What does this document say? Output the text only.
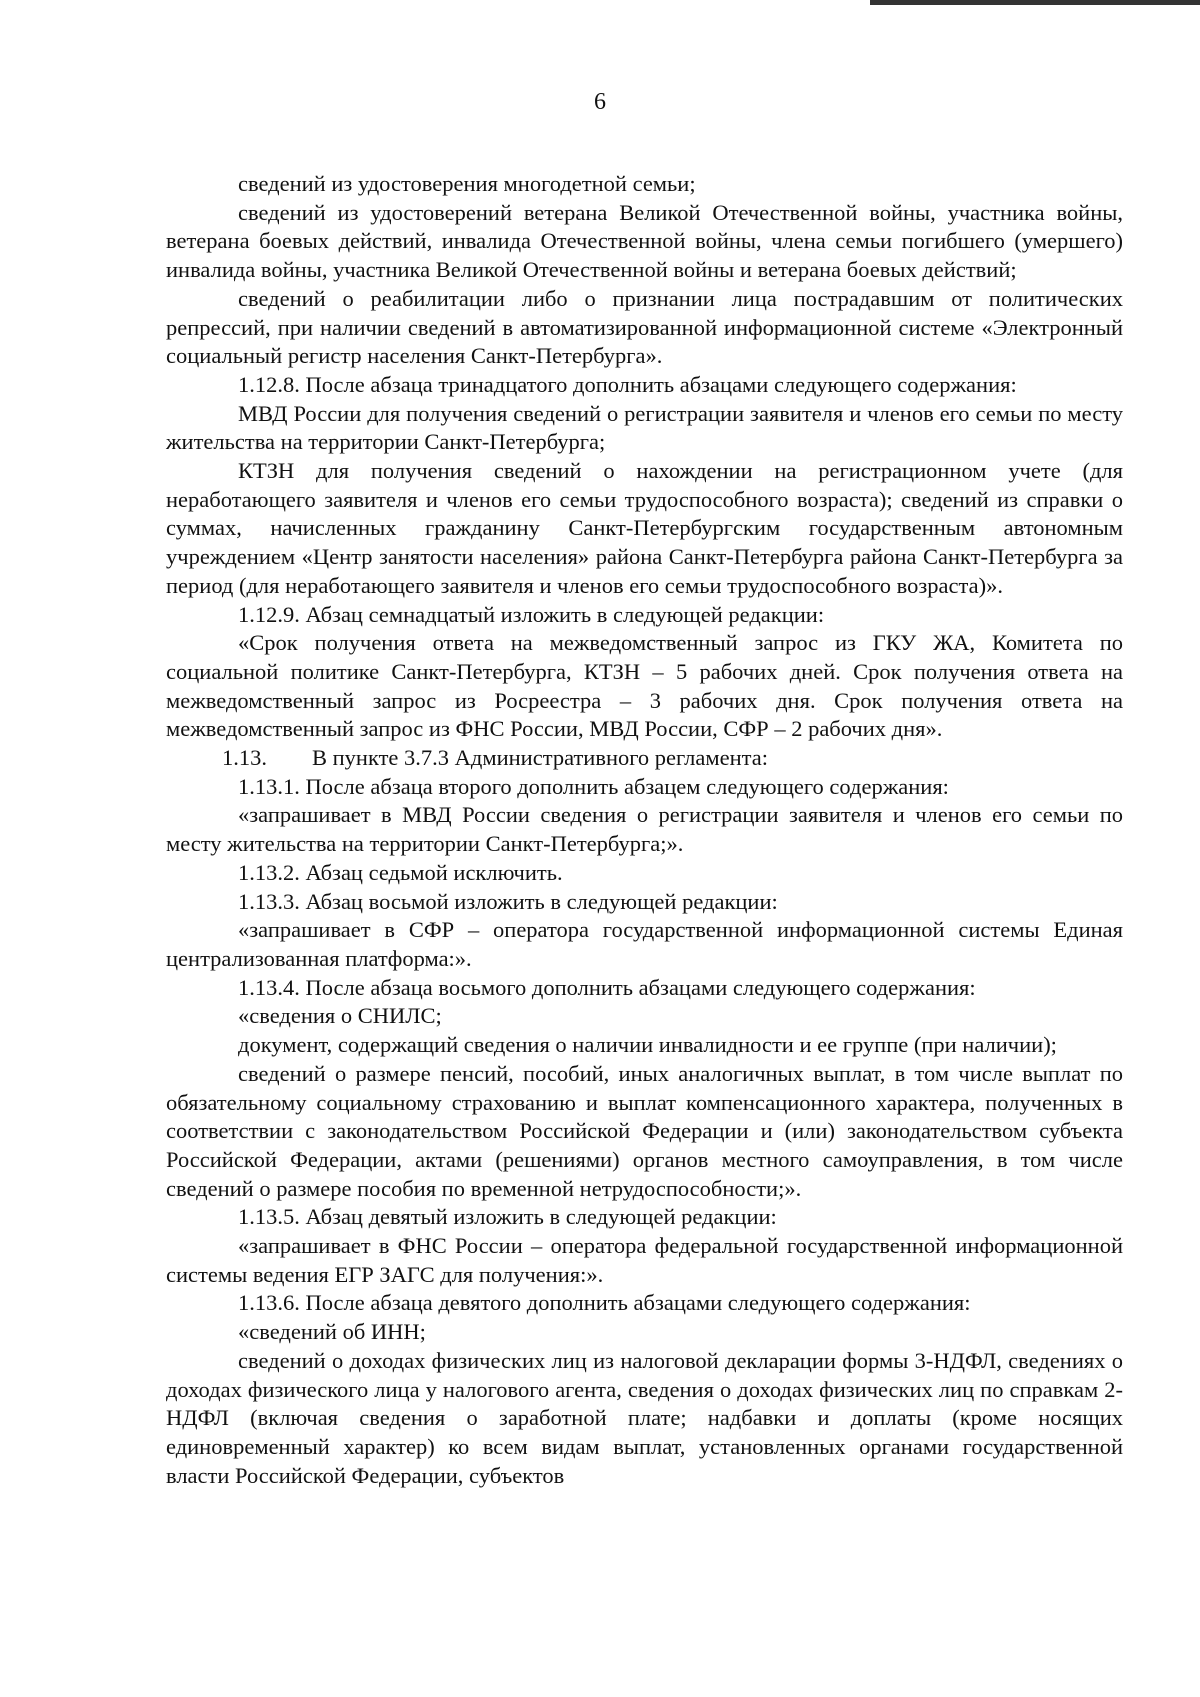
6

сведений из удостоверения многодетной семьи;

сведений из удостоверений ветерана Великой Отечественной войны, участника войны, ветерана боевых действий, инвалида Отечественной войны, члена семьи погибшего (умершего) инвалида войны, участника Великой Отечественной войны и ветерана боевых действий;

сведений о реабилитации либо о признании лица пострадавшим от политических репрессий, при наличии сведений в автоматизированной информационной системе «Электронный социальный регистр населения Санкт-Петербурга».

1.12.8. После абзаца тринадцатого дополнить абзацами следующего содержания:

МВД России для получения сведений о регистрации заявителя и членов его семьи по месту жительства на территории Санкт-Петербурга;

КТЗН для получения сведений о нахождении на регистрационном учете (для неработающего заявителя и членов его семьи трудоспособного возраста); сведений из справки о суммах, начисленных гражданину Санкт-Петербургским государственным автономным учреждением «Центр занятости населения» района Санкт-Петербурга района Санкт-Петербурга за период (для неработающего заявителя и членов его семьи трудоспособного возраста)».

1.12.9. Абзац семнадцатый изложить в следующей редакции:

«Срок получения ответа на межведомственный запрос из ГКУ ЖА, Комитета по социальной политике Санкт-Петербурга, КТЗН – 5 рабочих дней. Срок получения ответа на межведомственный запрос из Росреестра – 3 рабочих дня. Срок получения ответа на межведомственный запрос из ФНС России, МВД России, СФР – 2 рабочих дня».

1.13. В пункте 3.7.3 Административного регламента:

1.13.1. После абзаца второго дополнить абзацем следующего содержания:

«запрашивает в МВД России сведения о регистрации заявителя и членов его семьи по месту жительства на территории Санкт-Петербурга;».

1.13.2. Абзац седьмой исключить.

1.13.3. Абзац восьмой изложить в следующей редакции:

«запрашивает в СФР – оператора государственной информационной системы Единая централизованная платформа:».

1.13.4. После абзаца восьмого дополнить абзацами следующего содержания:

«сведения о СНИЛС;

документ, содержащий сведения о наличии инвалидности и ее группе (при наличии);

сведений о размере пенсий, пособий, иных аналогичных выплат, в том числе выплат по обязательному социальному страхованию и выплат компенсационного характера, полученных в соответствии с законодательством Российской Федерации и (или) законодательством субъекта Российской Федерации, актами (решениями) органов местного самоуправления, в том числе сведений о размере пособия по временной нетрудоспособности;».

1.13.5. Абзац девятый изложить в следующей редакции:

«запрашивает в ФНС России – оператора федеральной государственной информационной системы ведения ЕГР ЗАГС для получения:».

1.13.6. После абзаца девятого дополнить абзацами следующего содержания:

«сведений об ИНН;

сведений о доходах физических лиц из налоговой декларации формы 3-НДФЛ, сведениях о доходах физического лица у налогового агента, сведения о доходах физических лиц по справкам 2-НДФЛ (включая сведения о заработной плате; надбавки и доплаты (кроме носящих единовременный характер) ко всем видам выплат, установленных органами государственной власти Российской Федерации, субъектов
